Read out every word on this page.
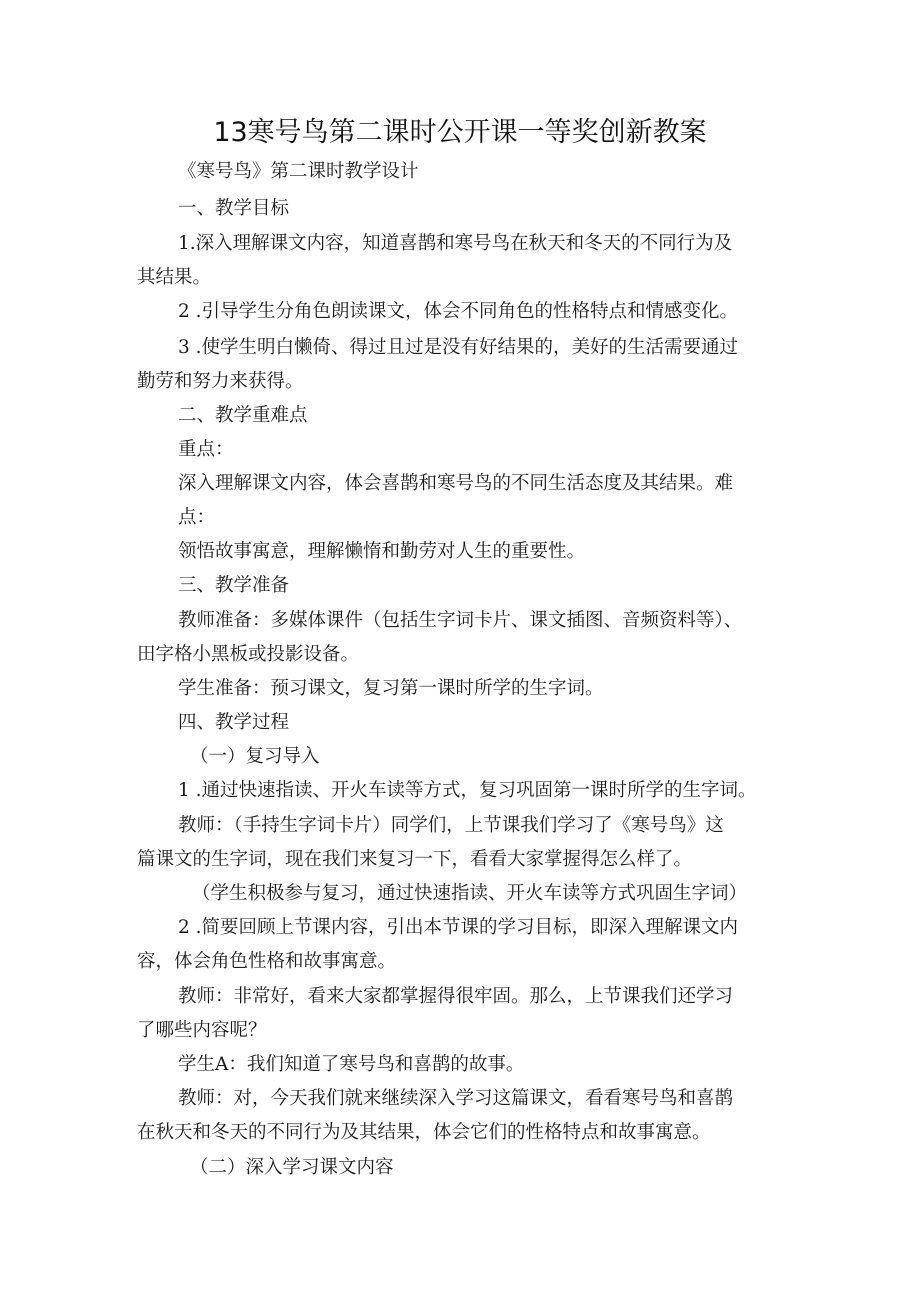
13寒号鸟第二课时公开课一等奖创新教案
《寒号鸟》第二课时教学设计
一、教学目标
1.深入理解课文内容，知道喜鹊和寒号鸟在秋天和冬天的不同行为及
其结果。
2 .引导学生分角色朗读课文，体会不同角色的性格特点和情感变化。
3 .使学生明白懒倚、得过且过是没有好结果的，美好的生活需要通过
勤劳和努力来获得。
二、教学重难点
重点：
深入理解课文内容，体会喜鹊和寒号鸟的不同生活态度及其结果。难
点：
领悟故事寓意，理解懒惰和勤劳对人生的重要性。
三、教学准备
教师准备：多媒体课件（包括生字词卡片、课文插图、音频资料等）、
田字格小黑板或投影设备。
学生准备：预习课文，复习第一课时所学的生字词。
四、教学过程
（一）复习导入
1 .通过快速指读、开火车读等方式，复习巩固第一课时所学的生字词。
教师：（手持生字词卡片）同学们，上节课我们学习了《寒号鸟》这
篇课文的生字词，现在我们来复习一下，看看大家掌握得怎么样了。
（学生积极参与复习，通过快速指读、开火车读等方式巩固生字词）
2 .简要回顾上节课内容，引出本节课的学习目标，即深入理解课文内
容，体会角色性格和故事寓意。
教师：非常好，看来大家都掌握得很牢固。那么，上节课我们还学习
了哪些内容呢？
学生A：我们知道了寒号鸟和喜鹊的故事。
教师：对，今天我们就来继续深入学习这篇课文，看看寒号鸟和喜鹊
在秋天和冬天的不同行为及其结果，体会它们的性格特点和故事寓意。
（二）深入学习课文内容
